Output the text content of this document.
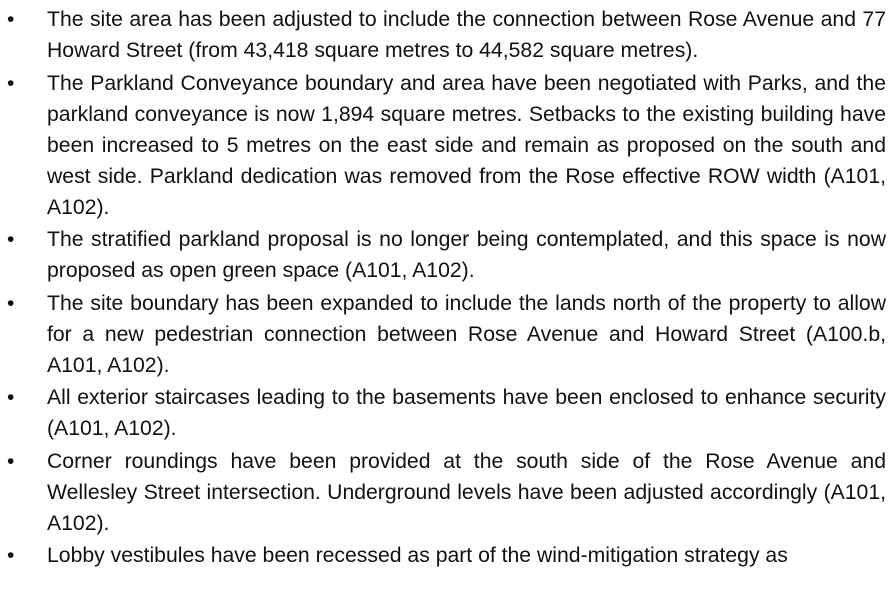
•	The site area has been adjusted to include the connection between Rose Avenue and 77 Howard Street (from 43,418 square metres to 44,582 square metres).
•	The Parkland Conveyance boundary and area have been negotiated with Parks, and the parkland conveyance is now 1,894 square metres. Setbacks to the existing building have been increased to 5 metres on the east side and remain as proposed on the south and west side. Parkland dedication was removed from the Rose effective ROW width (A101, A102).
•	The stratified parkland proposal is no longer being contemplated, and this space is now proposed as open green space (A101, A102).
•	The site boundary has been expanded to include the lands north of the property to allow for a new pedestrian connection between Rose Avenue and Howard Street (A100.b, A101, A102).
•	All exterior staircases leading to the basements have been enclosed to enhance security (A101, A102).
•	Corner roundings have been provided at the south side of the Rose Avenue and Wellesley Street intersection. Underground levels have been adjusted accordingly (A101, A102).
•	Lobby vestibules have been recessed as part of the wind-mitigation strategy as
